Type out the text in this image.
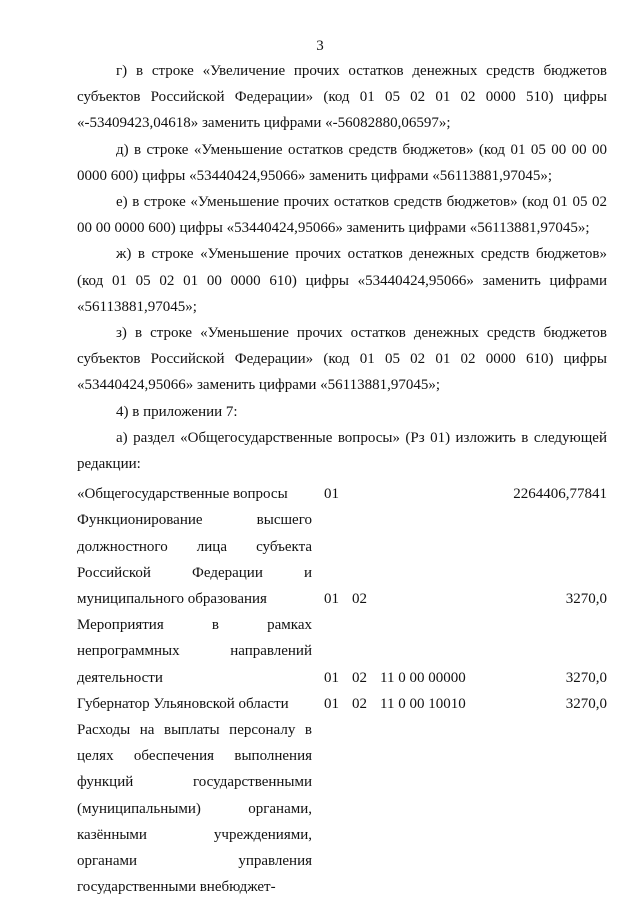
3

г) в строке «Увеличение прочих остатков денежных средств бюджетов субъектов Российской Федерации» (код 01 05 02 01 02 0000 510) цифры «-53409423,04618» заменить цифрами «-56082880,06597»;

д) в строке «Уменьшение остатков средств бюджетов» (код 01 05 00 00 00 0000 600) цифры «53440424,95066» заменить цифрами «56113881,97045»;

е) в строке «Уменьшение прочих остатков средств бюджетов» (код 01 05 02 00 00 0000 600) цифры «53440424,95066» заменить цифрами «56113881,97045»;

ж) в строке «Уменьшение прочих остатков денежных средств бюджетов» (код 01 05 02 01 00 0000 610) цифры «53440424,95066» заменить цифрами «56113881,97045»;

з) в строке «Уменьшение прочих остатков денежных средств бюджетов субъектов Российской Федерации» (код 01 05 02 01 02 0000 610) цифры «53440424,95066» заменить цифрами «56113881,97045»;

4) в приложении 7:

а) раздел «Общегосударственные вопросы» (Рз 01) изложить в следующей редакции:

«Общегосударственные вопросы	01	2264406,77841
Функционирование высшего должностного лица субъекта Российской Федерации и муниципального образования	01 02	3270,0
Мероприятия в рамках непрограммных направлений деятельности	01 02 11 0 00 00000	3270,0
Губернатор Ульяновской области	01 02 11 0 00 10010	3270,0
Расходы на выплаты персоналу в целях обеспечения выполнения функций государственными (муниципальными) органами, казёнными учреждениями, органами управления государственными внебюджет-
